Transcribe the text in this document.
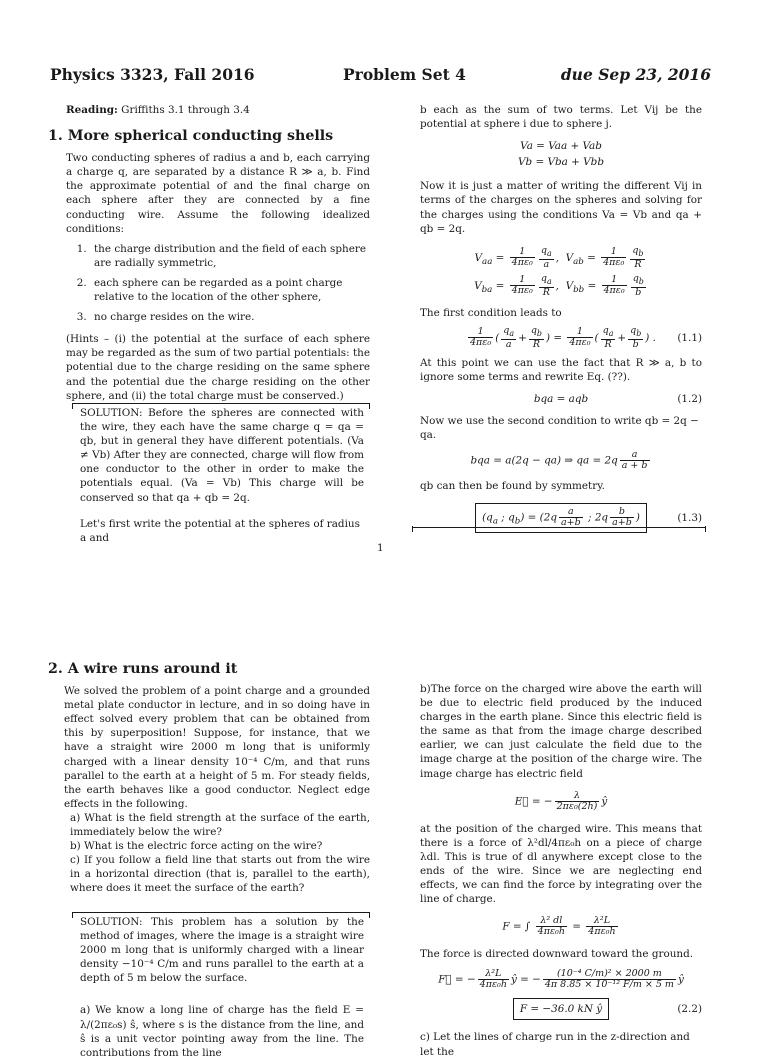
Physics 3323, Fall 2016	Problem Set 4	due Sep 23, 2016

Reading: Griffiths 3.1 through 3.4

1. More spherical conducting shells

Two conducting spheres of radius a and b, each carrying a charge q, are separated by a distance R ≫ a, b. Find the approximate potential of and the final charge on each sphere after they are connected by a fine conducting wire. Assume the following idealized conditions:

1. the charge distribution and the field of each sphere are radially symmetric,
2. each sphere can be regarded as a point charge relative to the location of the other sphere,
3. no charge resides on the wire.

(Hints – (i) the potential at the surface of each sphere may be regarded as the sum of two partial potentials: the potential due to the charge residing on the same sphere and the potential due the charge residing on the other sphere, and (ii) the total charge must be conserved.)

SOLUTION: Before the spheres are connected with the wire, they each have the same charge q = qa = qb, but in general they have different potentials. (Va ≠ Vb) After they are connected, charge will flow from one conductor to the other in order to make the potentials equal. (Va = Vb) This charge will be conserved so that qa + qb = 2q.

Let's first write the potential at the spheres of radius a and

b each as the sum of two terms. Let Vij be the potential at sphere i due to sphere j.

Va = Vaa + Vab
Vb = Vba + Vbb

Now it is just a matter of writing the different Vij in terms of the charges on the spheres and solving for the charges using the conditions Va = Vb and qa + qb = 2q.

$V_{aa} = \frac{1}{\text{4πε₀}} \frac{q_a}{a}$ ,  $V_{ab} = \frac{1}{\text{4πε₀}} \frac{q_b}{R}$
$V_{ba} = \frac{1}{\text{4πε₀}} \frac{q_a}{R}$ ,  $V_{bb} = \frac{1}{\text{4πε₀}} \frac{q_b}{b}$

The first condition leads to

$\frac{1}{\text{4πε₀}}$ ( $\frac{q_a}{a} + \frac{q_b}{R}$ ) = $\frac{1}{\text{4πε₀}}$ ( $\frac{q_a}{R} + \frac{q_b}{b}$ ) . (1.1)

At this point we can use the fact that R ≫ a, b to ignore some terms and rewrite Eq. (??).

bqa = aqb	(1.2)

Now we use the second condition to write qb = 2q − qa.

bqa = a(2q − qa) ⇒ qa = $2q \frac{a}{a + b}$

qb can then be found by symmetry.

($q_a$ ; $q_b) = (2q \frac{a}{a+b}$ ; $2q \frac{b}{a+b}$ )	(1.3)
1
2. A wire runs around it

We solved the problem of a point charge and a grounded metal plate conductor in lecture, and in so doing have in effect solved every problem that can be obtained from this by superposition! Suppose, for instance, that we have a straight wire 2000 m long that is uniformly charged with a linear density 10⁻⁴ C/m, and that runs parallel to the earth at a height of 5 m. For steady fields, the earth behaves like a good conductor. Neglect edge effects in the following.

a) What is the field strength at the surface of the earth, immediately below the wire?

b) What is the electric force acting on the wire?

c) If you follow a field line that starts out from the wire in a horizontal direction (that is, parallel to the earth), where does it meet the surface of the earth?

SOLUTION: This problem has a solution by the method of images, where the image is a straight wire 2000 m long that is uniformly charged with a linear density −10⁻⁴ C/m and runs parallel to the earth at a depth of 5 m below the surface.

a) We know a long line of charge has the field E = λ/(2πε₀s) ŝ, where s is the distance from the line, and ŝ is a unit vector pointing away from the line. The contributions from the line

b)The force on the charged wire above the earth will be due to electric field produced by the induced charges in the earth plane. Since this electric field is the same as that from the image charge described earlier, we can just calculate the field due to the image charge at the position of the charge wire. The image charge has electric field

E⃗ = − $\frac{\lambda}{\text{2πε₀(2h)}}$ ŷ

at the position of the charged wire. This means that there is a force of λ²dl/4πε₀h on a piece of charge λdl. This is true of dl anywhere except close to the ends of the wire. Since we are neglecting end effects, we can find the force by integrating over the line of charge.

F = ∫ $\frac{\text{λ² dl}}{\text{4πε₀h}} = \frac{\text{λ²L}}{\text{4πε₀h}}$

The force is directed downward toward the ground.

F⃗ = − $\frac{\text{λ²L}}{\text{4πε₀h}}$ ŷ = − $\frac{\text{(10⁻⁴ C/m)² × 2000 m}}{\text{4π 8.85 × 10⁻¹² F/m × 5 m}}$ ŷ
F = −36.0 kN ŷ	(2.2)

c) Let the lines of charge run in the z-direction and let the
